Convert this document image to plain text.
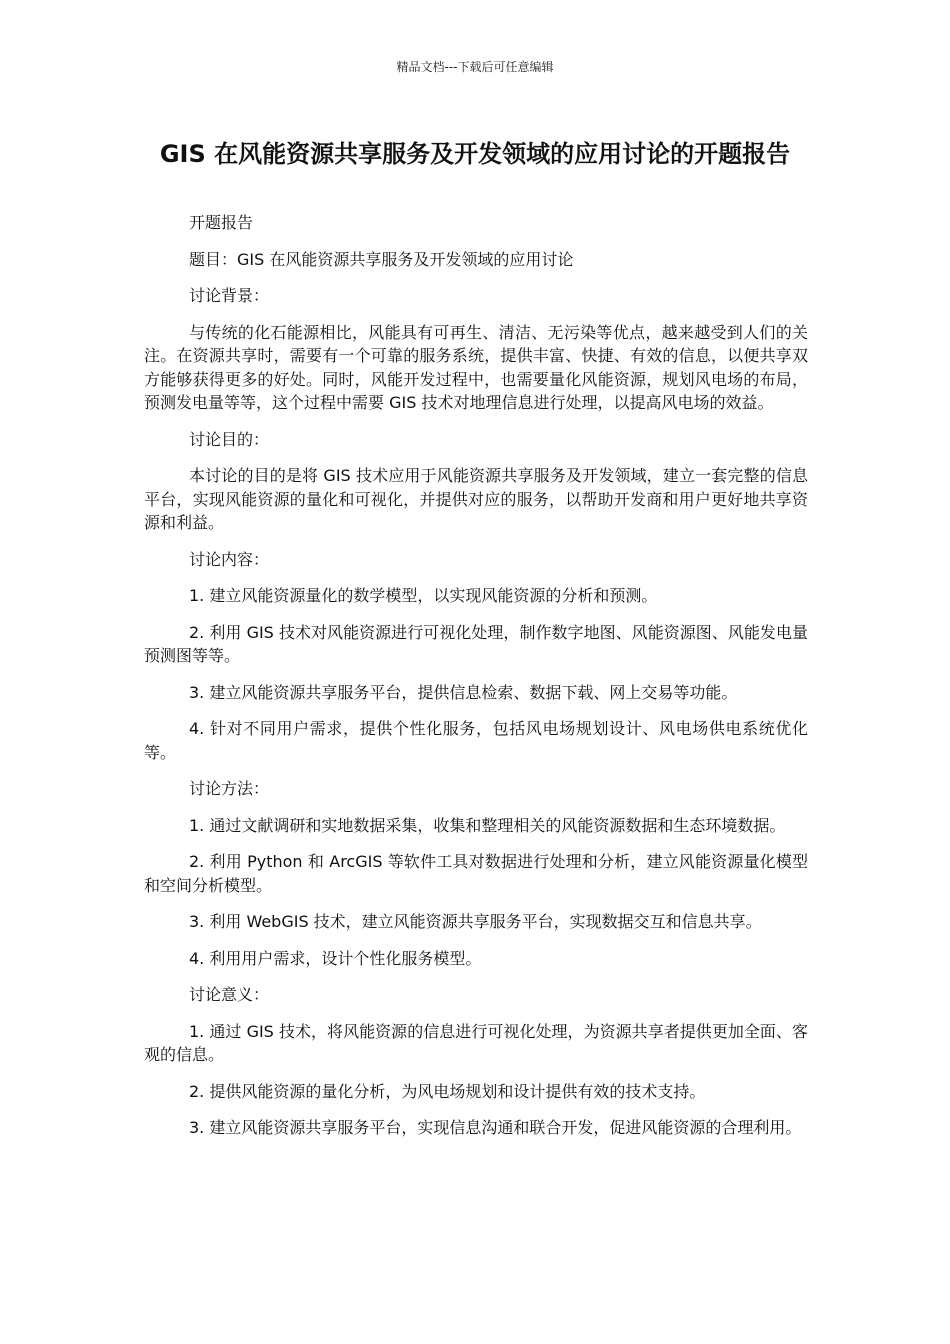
精品文档---下载后可任意编辑
GIS 在风能资源共享服务及开发领域的应用讨论的开题报告

开题报告

题目：GIS 在风能资源共享服务及开发领域的应用讨论

讨论背景：

与传统的化石能源相比，风能具有可再生、清洁、无污染等优点，越来越受到人们的关注。在资源共享时，需要有一个可靠的服务系统，提供丰富、快捷、有效的信息，以便共享双方能够获得更多的好处。同时，风能开发过程中，也需要量化风能资源，规划风电场的布局，预测发电量等等，这个过程中需要 GIS 技术对地理信息进行处理，以提高风电场的效益。

讨论目的：

本讨论的目的是将 GIS 技术应用于风能资源共享服务及开发领域，建立一套完整的信息平台，实现风能资源的量化和可视化，并提供对应的服务，以帮助开发商和用户更好地共享资源和利益。

讨论内容：

1. 建立风能资源量化的数学模型，以实现风能资源的分析和预测。

2. 利用 GIS 技术对风能资源进行可视化处理，制作数字地图、风能资源图、风能发电量预测图等等。

3. 建立风能资源共享服务平台，提供信息检索、数据下载、网上交易等功能。

4. 针对不同用户需求，提供个性化服务，包括风电场规划设计、风电场供电系统优化等。

讨论方法：

1. 通过文献调研和实地数据采集，收集和整理相关的风能资源数据和生态环境数据。

2. 利用 Python 和 ArcGIS 等软件工具对数据进行处理和分析，建立风能资源量化模型和空间分析模型。

3. 利用 WebGIS 技术，建立风能资源共享服务平台，实现数据交互和信息共享。

4. 利用用户需求，设计个性化服务模型。

讨论意义：

1. 通过 GIS 技术，将风能资源的信息进行可视化处理，为资源共享者提供更加全面、客观的信息。

2. 提供风能资源的量化分析，为风电场规划和设计提供有效的技术支持。

3. 建立风能资源共享服务平台，实现信息沟通和联合开发，促进风能资源的合理利用。
